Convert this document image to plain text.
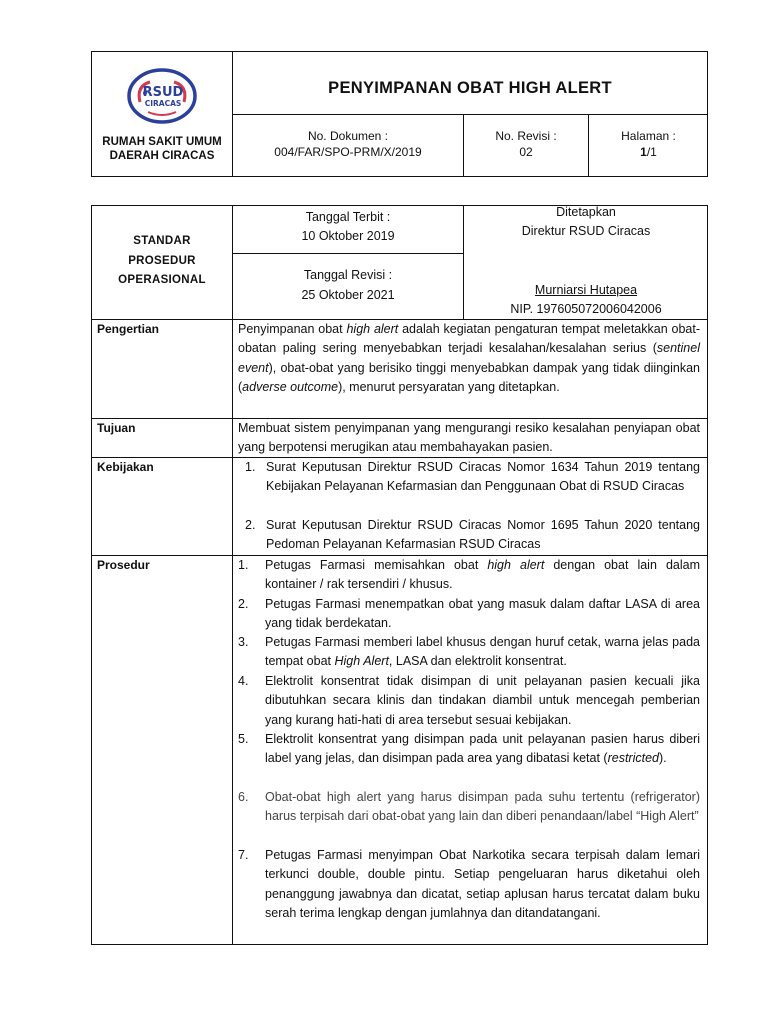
RSUD
CIRACAS
RUMAH SAKIT UMUM DAERAH CIRACAS
PENYIMPANAN OBAT HIGH ALERT
No. Dokumen :
004/FAR/SPO-PRM/X/2019
No. Revisi :
02
Halaman :
1/1
STANDAR
PROSEDUR
OPERASIONAL
Tanggal Terbit :
10 Oktober 2019
Tanggal Revisi :
25 Oktober 2021
Ditetapkan
Direktur RSUD Ciracas
Murniarsi Hutapea
NIP. 197605072006042006
Pengertian	Penyimpanan obat high alert adalah kegiatan pengaturan tempat meletakkan obat-obatan paling sering menyebabkan terjadi kesalahan/kesalahan serius (sentinel event), obat-obat yang berisiko tinggi menyebabkan dampak yang tidak diinginkan (adverse outcome), menurut persyaratan yang ditetapkan.
Tujuan	Membuat sistem penyimpanan yang mengurangi resiko kesalahan penyiapan obat yang berpotensi merugikan atau membahayakan pasien.
Kebijakan	1. Surat Keputusan Direktur RSUD Ciracas Nomor 1634 Tahun 2019 tentang Kebijakan Pelayanan Kefarmasian dan Penggunaan Obat di RSUD Ciracas
2. Surat Keputusan Direktur RSUD Ciracas Nomor 1695 Tahun 2020 tentang Pedoman Pelayanan Kefarmasian RSUD Ciracas
Prosedur	1. Petugas Farmasi memisahkan obat high alert dengan obat lain dalam kontainer / rak tersendiri / khusus.
2. Petugas Farmasi menempatkan obat yang masuk dalam daftar LASA di area yang tidak berdekatan.
3. Petugas Farmasi memberi label khusus dengan huruf cetak, warna jelas pada tempat obat High Alert, LASA dan elektrolit konsentrat.
4. Elektrolit konsentrat tidak disimpan di unit pelayanan pasien kecuali jika dibutuhkan secara klinis dan tindakan diambil untuk mencegah pemberian yang kurang hati-hati di area tersebut sesuai kebijakan.
5. Elektrolit konsentrat yang disimpan pada unit pelayanan pasien harus diberi label yang jelas, dan disimpan pada area yang dibatasi ketat (restricted).
6. Obat-obat high alert yang harus disimpan pada suhu tertentu (refrigerator) harus terpisah dari obat-obat yang lain dan diberi penandaan/label “High Alert”
7. Petugas Farmasi menyimpan Obat Narkotika secara terpisah dalam lemari terkunci double, double pintu. Setiap pengeluaran harus diketahui oleh penanggung jawabnya dan dicatat, setiap aplusan harus tercatat dalam buku serah terima lengkap dengan jumlahnya dan ditandatangani.
